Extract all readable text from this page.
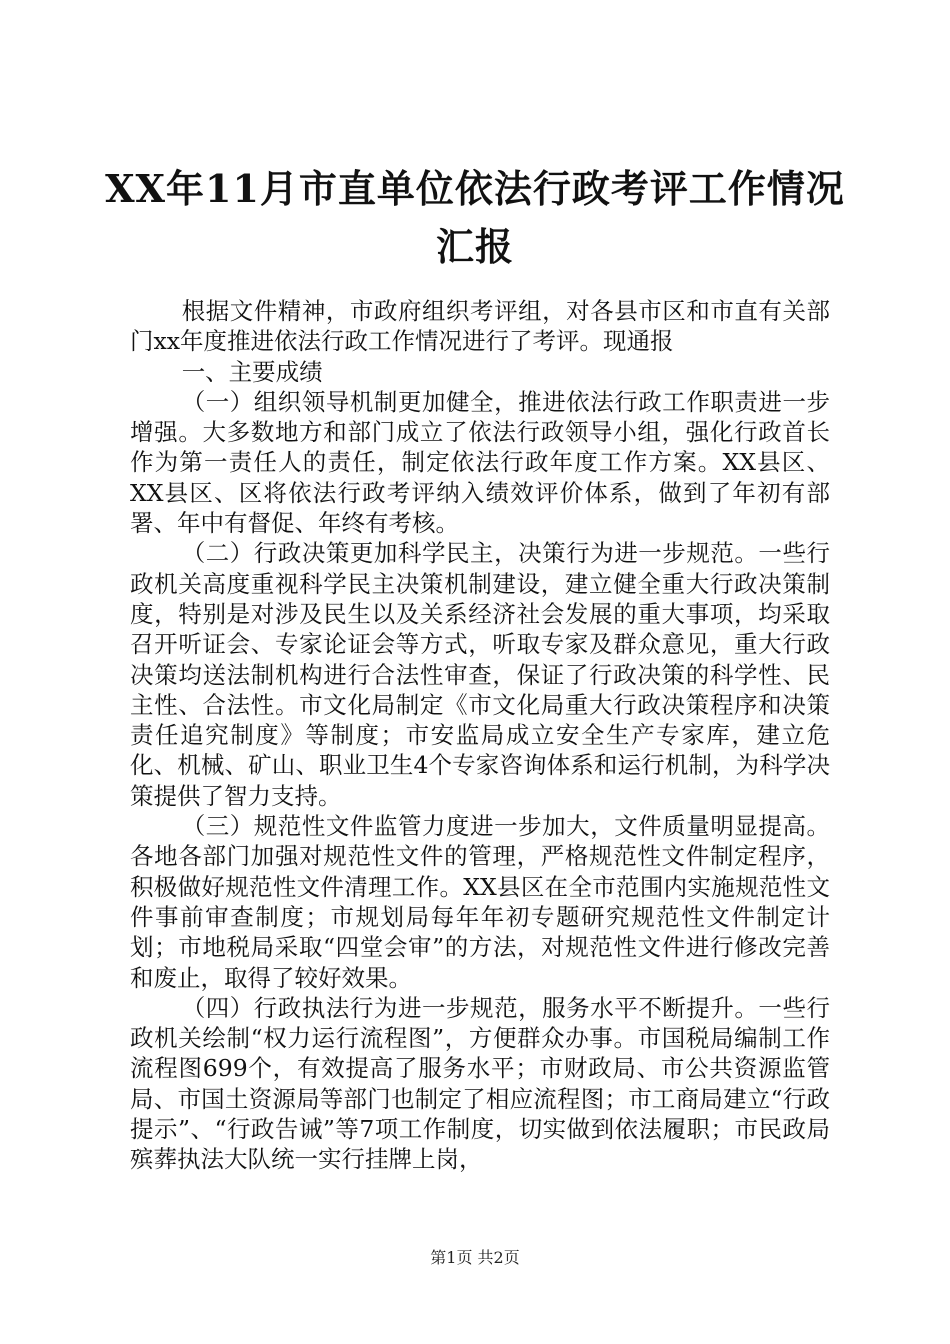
XX年11月市直单位依法行政考评工作情况汇报

根据文件精神，市政府组织考评组，对各县市区和市直有关部门xx年度推进依法行政工作情况进行了考评。现通报

一、主要成绩

（一）组织领导机制更加健全，推进依法行政工作职责进一步增强。大多数地方和部门成立了依法行政领导小组，强化行政首长作为第一责任人的责任，制定依法行政年度工作方案。XX县区、XX县区、区将依法行政考评纳入绩效评价体系，做到了年初有部署、年中有督促、年终有考核。

（二）行政决策更加科学民主，决策行为进一步规范。一些行政机关高度重视科学民主决策机制建设，建立健全重大行政决策制度，特别是对涉及民生以及关系经济社会发展的重大事项，均采取召开听证会、专家论证会等方式，听取专家及群众意见，重大行政决策均送法制机构进行合法性审查，保证了行政决策的科学性、民主性、合法性。市文化局制定《市文化局重大行政决策程序和决策责任追究制度》等制度；市安监局成立安全生产专家库，建立危化、机械、矿山、职业卫生4个专家咨询体系和运行机制，为科学决策提供了智力支持。

（三）规范性文件监管力度进一步加大，文件质量明显提高。各地各部门加强对规范性文件的管理，严格规范性文件制定程序，积极做好规范性文件清理工作。XX县区在全市范围内实施规范性文件事前审查制度；市规划局每年年初专题研究规范性文件制定计划；市地税局采取“四堂会审”的方法，对规范性文件进行修改完善和废止，取得了较好效果。

（四）行政执法行为进一步规范，服务水平不断提升。一些行政机关绘制“权力运行流程图”，方便群众办事。市国税局编制工作流程图699个，有效提高了服务水平；市财政局、市公共资源监管局、市国土资源局等部门也制定了相应流程图；市工商局建立“行政提示”、“行政告诫”等7项工作制度，切实做到依法履职；市民政局殡葬执法大队统一实行挂牌上岗，

第1页 共2页
